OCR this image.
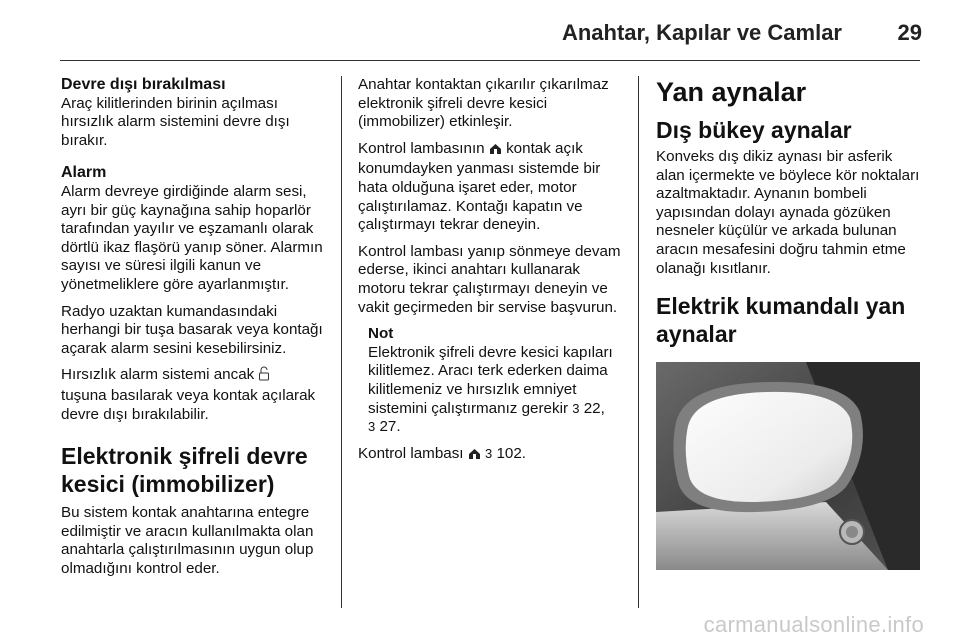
Anahtar, Kapılar ve Camlar	29
Devre dışı bırakılması

Araç kilitlerinden birinin açılması hırsızlık alarm sistemini devre dışı bırakır.

Alarm

Alarm devreye girdiğinde alarm sesi, ayrı bir güç kaynağına sahip hoparlör tarafından yayılır ve eşzamanlı olarak dörtlü ikaz flaşörü yanıp söner. Alarmın sayısı ve süresi ilgili kanun ve yönetmeliklere göre ayarlanmıştır.

Radyo uzaktan kumandasındaki herhangi bir tuşa basarak veya kontağı açarak alarm sesini kesebilirsiniz.

Hırsızlık alarm sistemi ancak
tuşuna basılarak veya kontak açılarak devre dışı bırakılabilir.

Elektronik şifreli devre kesici (immobilizer)

Bu sistem kontak anahtarına entegre edilmiştir ve aracın kullanılmakta olan anahtarla çalıştırılmasının uygun olup olmadığını kontrol eder.

Anahtar kontaktan çıkarılır çıkarılmaz elektronik şifreli devre kesici (immobilizer) etkinleşir.

Kontrol lambasının  kontak açık konumdayken yanması sistemde bir hata olduğuna işaret eder, motor çalıştırılamaz. Kontağı kapatın ve çalıştırmayı tekrar deneyin.

Kontrol lambası yanıp sönmeye devam ederse, ikinci anahtarı kullanarak motoru tekrar çalıştırmayı deneyin ve vakit geçirmeden bir servise başvurun.

Not

Elektronik şifreli devre kesici kapıları kilitlemez. Aracı terk ederken daima kilitlemeniz ve hırsızlık emniyet sistemini çalıştırmanız gerekir 3 22,
3 27.

Kontrol lambası  3 102.

Yan aynalar
Dış bükey aynalar

Konveks dış dikiz aynası bir asferik alan içermekte ve böylece kör noktaları azaltmaktadır. Aynanın bombeli yapısından dolayı aynada gözüken nesneler küçülür ve arkada bulunan aracın mesafesini doğru tahmin etme olanağı kısıtlanır.

Elektrik kumandalı yan aynalar
carmanualsonline.info
